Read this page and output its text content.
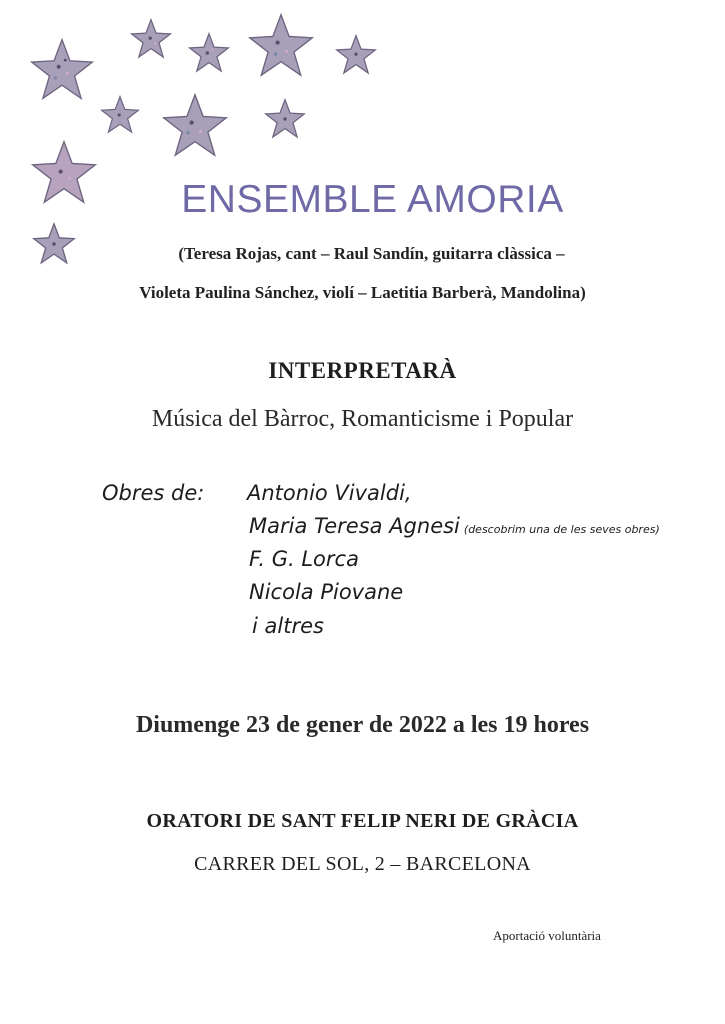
ENSEMBLE AMORIA
(Teresa Rojas, cant – Raul Sandín, guitarra clàssica –
Violeta Paulina Sánchez, violí – Laetitia Barberà, Mandolina)
INTERPRETARÀ
Música del Bàrroc, Romanticisme i Popular
Obres de: Antonio Vivaldi,
Maria Teresa Agnesi (descobrim una de les seves obres)
F. G. Lorca
Nicola Piovane
i altres
Diumenge 23 de gener de 2022 a les 19 hores
ORATORI DE SANT FELIP NERI DE GRÀCIA
CARRER DEL SOL, 2 – BARCELONA
Aportació voluntària
